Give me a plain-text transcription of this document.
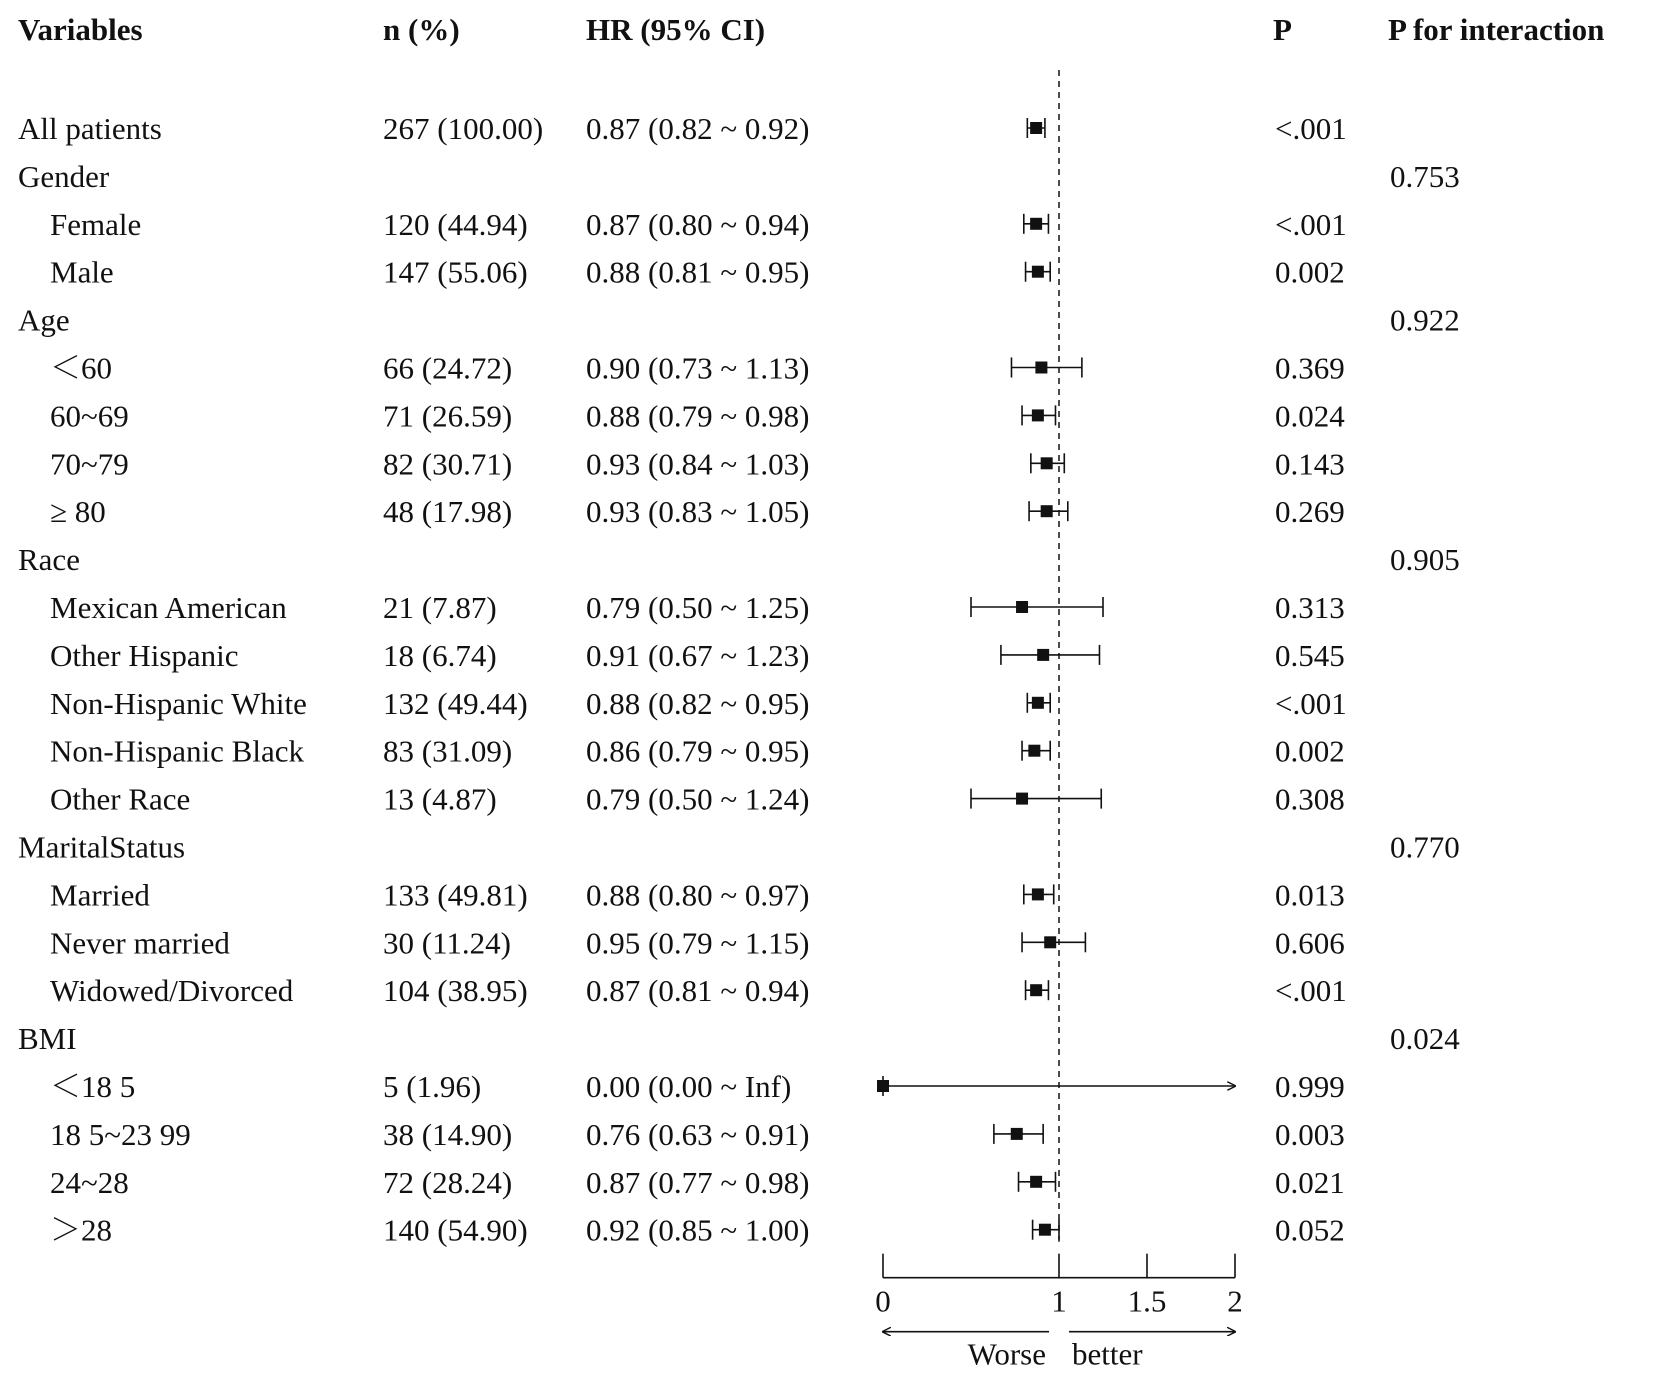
Variables	n (%)	HR (95% CI)	P	P for interaction
All patients	267 (100.00) 0.87 (0.82 ~ 0.92)	<.001
Gender	0.753
Female	120 (44.94) 0.87 (0.80 ~ 0.94)	<.001
Male	147 (55.06) 0.88 (0.81 ~ 0.95)	0.002
Age	0.922
＜60	66 (24.72) 0.90 (0.73 ~ 1.13)	0.369
60~69	71 (26.59) 0.88 (0.79 ~ 0.98)	0.024
70~79	82 (30.71) 0.93 (0.84 ~ 1.03)	0.143
≥ 80	48 (17.98) 0.93 (0.83 ~ 1.05)	0.269
Race	0.905
Mexican American	21 (7.87)	0.79 (0.50 ~ 1.25)	0.313
Other Hispanic	18 (6.74)	0.91 (0.67 ~ 1.23)	0.545
Non-Hispanic White 132 (49.44) 0.88 (0.82 ~ 0.95)	<.001
Non-Hispanic Black	83 (31.09) 0.86 (0.79 ~ 0.95)	0.002
Other Race	13 (4.87)	0.79 (0.50 ~ 1.24)	0.308
MaritalStatus	0.770
Married	133 (49.81) 0.88 (0.80 ~ 0.97)	0.013
Never married	30 (11.24) 0.95 (0.79 ~ 1.15)	0.606
Widowed/Divorced	104 (38.95) 0.87 (0.81 ~ 0.94)	<.001
BMI	0.024
＜18 5	5 (1.96)	0.00 (0.00 ~ Inf)	0.999
18 5~23 99	38 (14.90) 0.76 (0.63 ~ 0.91)	0.003
24~28	72 (28.24) 0.87 (0.77 ~ 0.98)	0.021
＞28	140 (54.90) 0.92 (0.85 ~ 1.00)	0.052
0	1 1.5 2
Worse better
